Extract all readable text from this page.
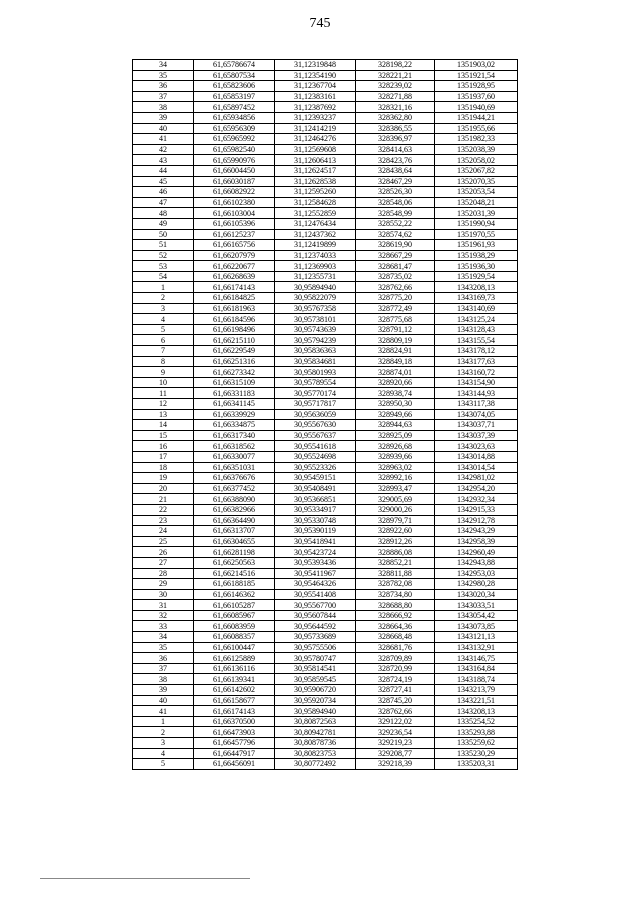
745
34	61,65786674	31,12319848	328198,22	1351903,02
35	61,65807534	31,12354190	328221,21	1351921,54
36	61,65823606	31,12367704	328239,02	1351928,95
37	61,65853197	31,12383161	328271,88	1351937,60
38	61,65897452	31,12387692	328321,16	1351940,69
39	61,65934856	31,12393237	328362,80	1351944,21
40	61,65956309	31,12414219	328386,55	1351955,66
41	61,65965992	31,12464276	328396,97	1351982,33
42	61,65982540	31,12569608	328414,63	1352038,39
43	61,65990976	31,12606413	328423,76	1352058,02
44	61,66004450	31,12624517	328438,64	1352067,82
45	61,66030187	31,12628538	328467,29	1352070,35
46	61,66082922	31,12595260	328526,30	1352053,54
47	61,66102380	31,12584628	328548,06	1352048,21
48	61,66103004	31,12552859	328548,99	1352031,39
49	61,66105396	31,12476434	328552,22	1351990,94
50	61,66125237	31,12437362	328574,62	1351970,55
51	61,66165756	31,12419899	328619,90	1351961,93
52	61,66207979	31,12374033	328667,29	1351938,29
53	61,66220677	31,12369903	328681,47	1351936,30
54	61,66268639	31,12355731	328735,02	1351929,54
1	61,66174143	30,95894940	328762,66	1343208,13
2	61,66184825	30,95822079	328775,20	1343169,73
3	61,66181963	30,95767358	328772,49	1343140,69
4	61,66184596	30,95738101	328775,68	1343125,24
5	61,66198496	30,95743639	328791,12	1343128,43
6	61,66215110	30,95794239	328809,19	1343155,54
7	61,66229549	30,95836363	328824,91	1343178,12
8	61,66251316	30,95834681	328849,18	1343177,63
9	61,66273342	30,95801993	328874,01	1343160,72
10	61,66315109	30,95789554	328920,66	1343154,90
11	61,66331183	30,95770174	328938,74	1343144,93
12	61,66341145	30,95717817	328950,30	1343117,38
13	61,66339929	30,95636059	328949,66	1343074,05
14	61,66334875	30,95567630	328944,63	1343037,71
15	61,66317340	30,95567637	328925,09	1343037,39
16	61,66318562	30,95541618	328926,68	1343023,63
17	61,66330077	30,95524698	328939,66	1343014,88
18	61,66351031	30,95523326	328963,02	1343014,54
19	61,66376676	30,95459151	328992,16	1342981,02
20	61,66377452	30,95408491	328993,47	1342954,20
21	61,66388090	30,95366851	329005,69	1342932,34
22	61,66382966	30,95334917	329000,26	1342915,33
23	61,66364490	30,95330748	328979,71	1342912,78
24	61,66313707	30,95390119	328922,60	1342943,29
25	61,66304655	30,95418941	328912,26	1342958,39
26	61,66281198	30,95423724	328886,08	1342960,49
27	61,66250563	30,95393436	328852,21	1342943,88
28	61,66214516	30,95411967	328811,88	1342953,03
29	61,66188185	30,95464326	328782,08	1342980,28
30	61,66146362	30,95541408	328734,80	1343020,34
31	61,66105287	30,95567700	328688,80	1343033,51
32	61,66085967	30,95607844	328666,92	1343054,42
33	61,66083959	30,95644592	328664,36	1343073,85
34	61,66088357	30,95733689	328668,48	1343121,13
35	61,66100447	30,95755506	328681,76	1343132,91
36	61,66125889	30,95780747	328709,89	1343146,75
37	61,66136116	30,95814541	328720,99	1343164,84
38	61,66139341	30,95859545	328724,19	1343188,74
39	61,66142602	30,95906720	328727,41	1343213,79
40	61,66158677	30,95920734	328745,20	1343221,51
41	61,66174143	30,95894940	328762,66	1343208,13
1	61,66370500	30,80872563	329122,02	1335254,52
2	61,66473903	30,80942781	329236,54	1335293,88
3	61,66457796	30,80878736	329219,23	1335259,62
4	61,66447917	30,80823753	329208,77	1335230,29
5	61,66456091	30,80772492	329218,39	1335203,31
